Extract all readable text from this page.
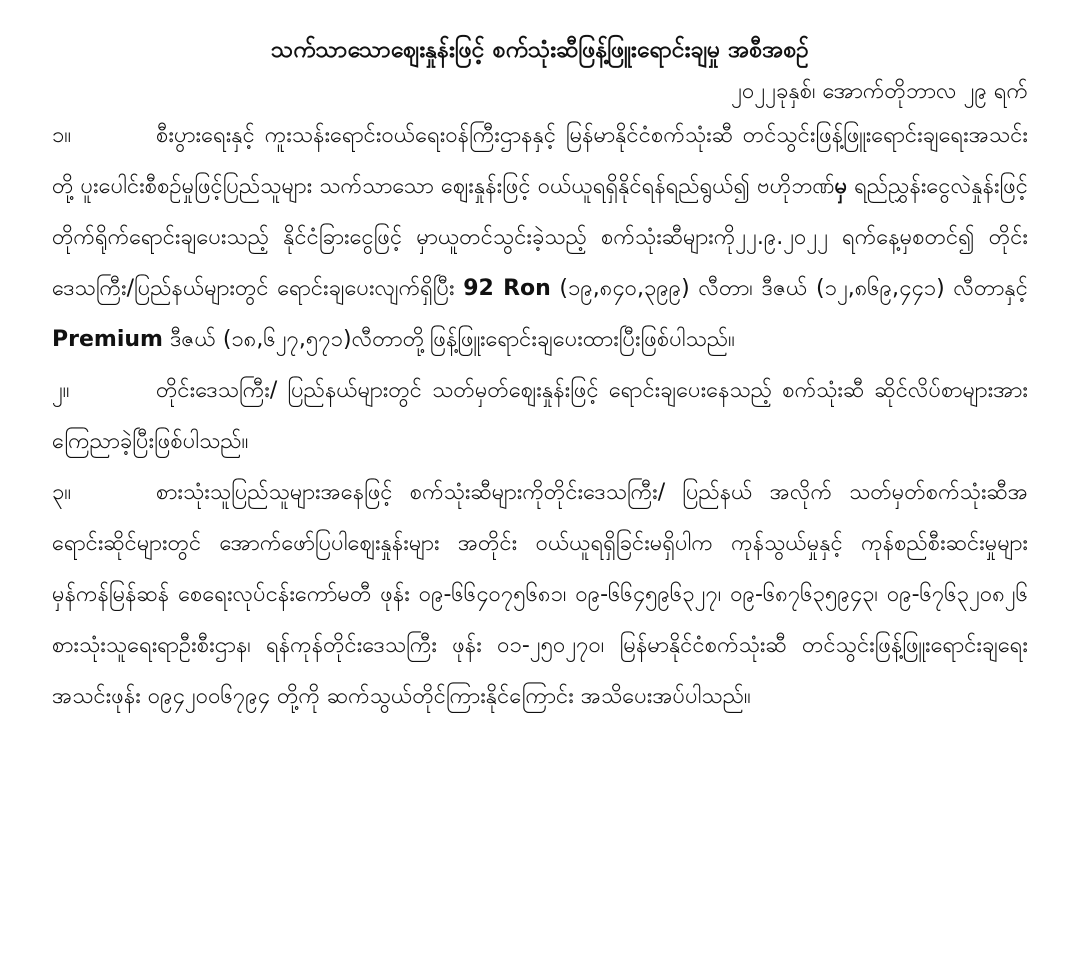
သက်သာသောဈေးနှုန်းဖြင့် စက်သုံးဆီဖြန့်ဖြူးရောင်းချမှု အစီအစဉ်

၂၀၂၂ခုနှစ်၊ အောက်တိုဘာလ ၂၉ ရက်

၁။	စီးပွားရေးနှင့် ကူးသန်းရောင်းဝယ်ရေးဝန်ကြီးဌာနနှင့် မြန်မာနိုင်ငံစက်သုံးဆီ တင်သွင်းဖြန့်ဖြူးရောင်းချရေးအသင်းတို့ ပူးပေါင်းစီစဉ်မှုဖြင့်ပြည်သူများ သက်သာသော ဈေးနှုန်းဖြင့် ဝယ်ယူရရှိနိုင်ရန်ရည်ရွယ်၍ ဗဟိုဘဏ်မှ ရည်ညွှန်းငွေလဲနှုန်းဖြင့် တိုက်ရိုက်ရောင်းချပေးသည့် နိုင်ငံခြားငွေဖြင့် မှာယူတင်သွင်းခဲ့သည့် စက်သုံးဆီများကို၂၂.၉.၂၀၂၂ ရက်နေ့မှစတင်၍ တိုင်းဒေသကြီး/ပြည်နယ်များတွင် ရောင်းချပေးလျက်ရှိပြီး 92 Ron (၁၉,၈၄၀,၃၉၉) လီတာ၊ ဒီဇယ် (၁၂,၈၆၉,၄၄၁) လီတာနှင့် Premium ဒီဇယ် (၁၈,၆၂၇,၅၇၁)လီတာတို့ဖြန့်ဖြူးရောင်းချပေးထားပြီးဖြစ်ပါသည်။

၂။	တိုင်းဒေသကြီး/ ပြည်နယ်များတွင် သတ်မှတ်ဈေးနှုန်းဖြင့် ရောင်းချပေးနေသည့် စက်သုံးဆီ ဆိုင်လိပ်စာများအား ကြေညာခဲ့ပြီးဖြစ်ပါသည်။

၃။	စားသုံးသူပြည်သူများအနေဖြင့် စက်သုံးဆီများကိုတိုင်းဒေသကြီး/ ပြည်နယ် အလိုက် သတ်မှတ်စက်သုံးဆီအရောင်းဆိုင်များတွင် အောက်ဖော်ပြပါဈေးနှုန်းများ အတိုင်း ဝယ်ယူရရှိခြင်းမရှိပါက ကုန်သွယ်မှုနှင့် ကုန်စည်စီးဆင်းမှုများမှန်ကန်မြန်ဆန် စေရေးလုပ်ငန်းကော်မတီ ဖုန်း ၀၉-၆၆၄၀၇၅၆၈၁၊ ၀၉-၆၆၄၅၉၆၃၂၇၊ ၀၉-၆၈၇၆၃၅၉၄၃၊ ၀၉-၆၇၆၃၂၀၈၂၆ စားသုံးသူရေးရာဦးစီးဌာန၊ ရန်ကုန်တိုင်းဒေသကြီး ဖုန်း ၀၁-၂၅၀၂၇၀၊ မြန်မာနိုင်ငံစက်သုံးဆီ တင်သွင်းဖြန့်ဖြူးရောင်းချရေး အသင်းဖုန်း ၀၉၄၂၀၀၆၇၉၄ တို့ကို ဆက်သွယ်တိုင်ကြားနိုင်ကြောင်း အသိပေးအပ်ပါသည်။
